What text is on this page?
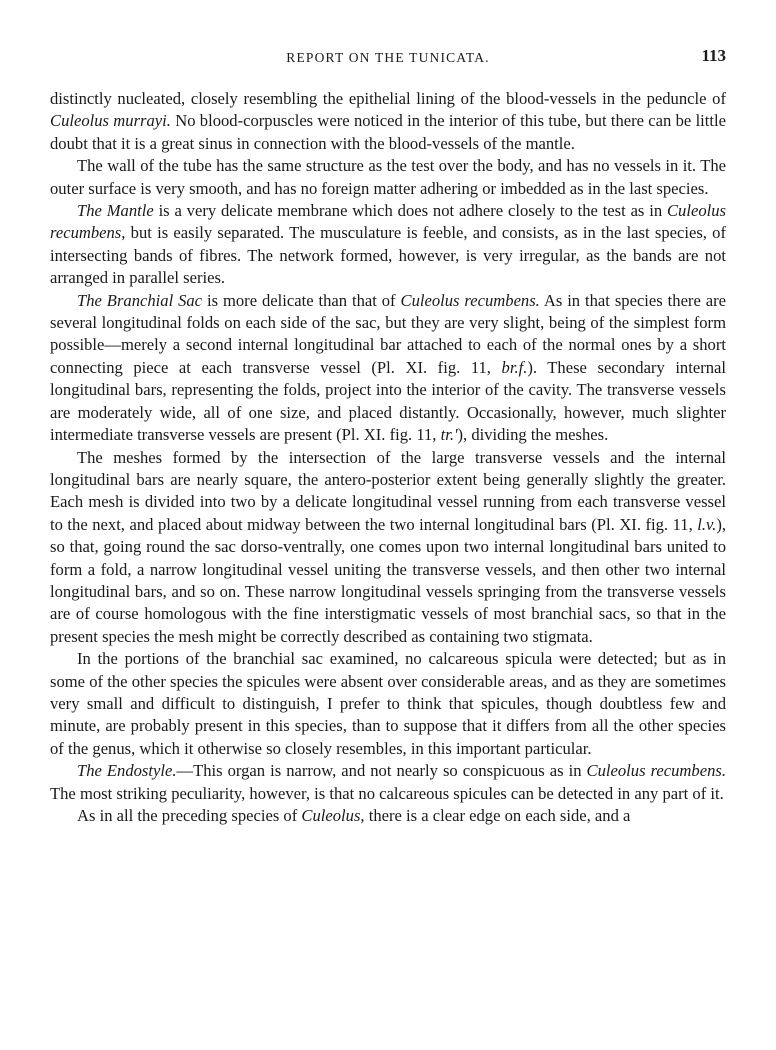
REPORT ON THE TUNICATA.	113

distinctly nucleated, closely resembling the epithelial lining of the blood-vessels in the peduncle of Culeolus murrayi. No blood-corpuscles were noticed in the interior of this tube, but there can be little doubt that it is a great sinus in connection with the blood-vessels of the mantle.

The wall of the tube has the same structure as the test over the body, and has no vessels in it. The outer surface is very smooth, and has no foreign matter adhering or imbedded as in the last species.

The Mantle is a very delicate membrane which does not adhere closely to the test as in Culeolus recumbens, but is easily separated. The musculature is feeble, and consists, as in the last species, of intersecting bands of fibres. The network formed, however, is very irregular, as the bands are not arranged in parallel series.

The Branchial Sac is more delicate than that of Culeolus recumbens. As in that species there are several longitudinal folds on each side of the sac, but they are very slight, being of the simplest form possible—merely a second internal longitudinal bar attached to each of the normal ones by a short connecting piece at each transverse vessel (Pl. XI. fig. 11, br.f.). These secondary internal longitudinal bars, representing the folds, project into the interior of the cavity. The transverse vessels are moderately wide, all of one size, and placed distantly. Occasionally, however, much slighter intermediate transverse vessels are present (Pl. XI. fig. 11, tr.'), dividing the meshes.

The meshes formed by the intersection of the large transverse vessels and the internal longitudinal bars are nearly square, the antero-posterior extent being generally slightly the greater. Each mesh is divided into two by a delicate longitudinal vessel running from each transverse vessel to the next, and placed about midway between the two internal longitudinal bars (Pl. XI. fig. 11, l.v.), so that, going round the sac dorso-ventrally, one comes upon two internal longitudinal bars united to form a fold, a narrow longitudinal vessel uniting the transverse vessels, and then other two internal longitudinal bars, and so on. These narrow longitudinal vessels springing from the transverse vessels are of course homologous with the fine interstigmatic vessels of most branchial sacs, so that in the present species the mesh might be correctly described as containing two stigmata.

In the portions of the branchial sac examined, no calcareous spicula were detected; but as in some of the other species the spicules were absent over considerable areas, and as they are sometimes very small and difficult to distinguish, I prefer to think that spicules, though doubtless few and minute, are probably present in this species, than to suppose that it differs from all the other species of the genus, which it otherwise so closely resembles, in this important particular.

The Endostyle.—This organ is narrow, and not nearly so conspicuous as in Culeolus recumbens. The most striking peculiarity, however, is that no calcareous spicules can be detected in any part of it.

As in all the preceding species of Culeolus, there is a clear edge on each side, and a
